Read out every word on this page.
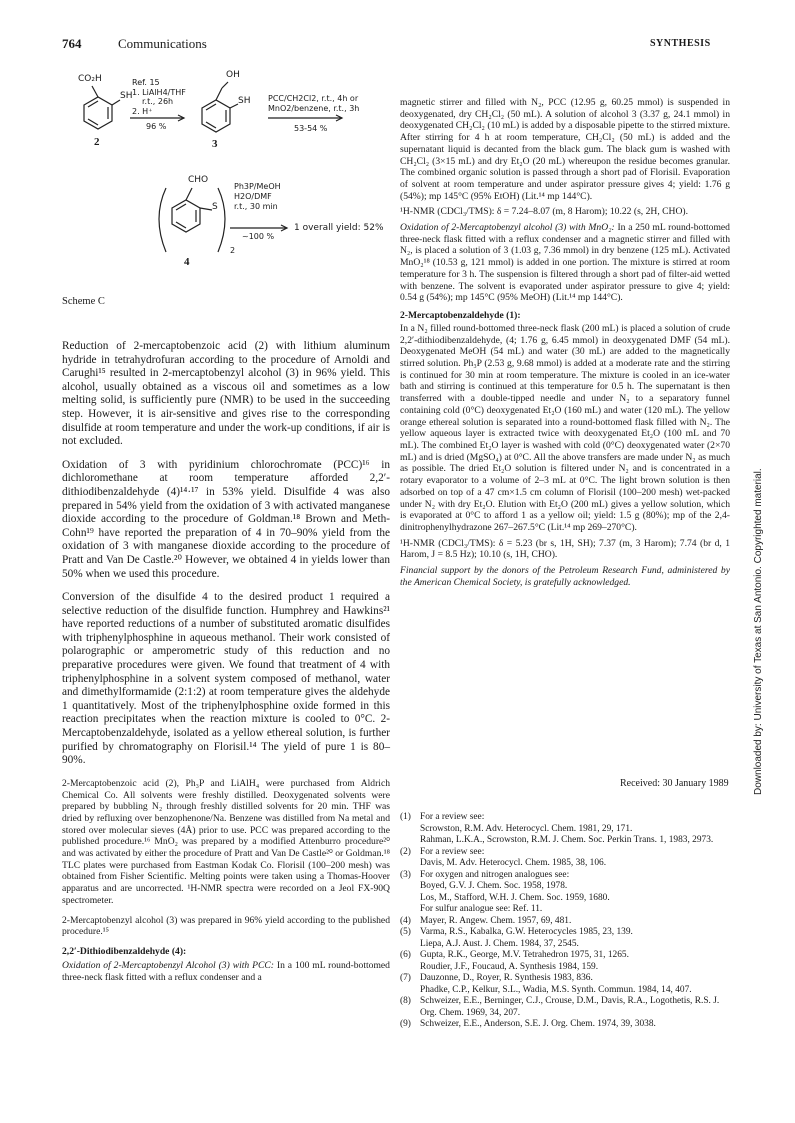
764	Communications	SYNTHESIS
CO₂H
SH
2
Ref. 15
1. LiAlH4/THF
r.t., 26h
2. H⁺
96 %
OH
SH
3
PCC/CH2Cl2, r.t., 4h or
MnO2/benzene, r.t., 3h
53-54 %
CHO
S
2
4
Ph3P/MeOH
H2O/DMF
r.t., 30 min
~100 %
1 overall yield: 52%
Scheme C

Reduction of 2-mercaptobenzoic acid (2) with lithium aluminum hydride in tetrahydrofuran according to the procedure of Arnoldi and Carughi¹⁵ resulted in 2-mercaptobenzyl alcohol (3) in 96% yield. This alcohol, usually obtained as a viscous oil and sometimes as a low melting solid, is sufficiently pure (NMR) to be used in the succeeding step. However, it is air-sensitive and gives rise to the corresponding disulfide at room temperature and under the work-up conditions, if air is not excluded.

Oxidation of 3 with pyridinium chlorochromate (PCC)¹⁶ in dichloromethane at room temperature afforded 2,2′-dithiodibenzaldehyde (4)¹⁴·¹⁷ in 53% yield. Disulfide 4 was also prepared in 54% yield from the oxidation of 3 with activated manganese dioxide according to the procedure of Goldman.¹⁸ Brown and Meth-Cohn¹⁹ have reported the preparation of 4 in 70–90% yield from the oxidation of 3 with manganese dioxide according to the procedure of Pratt and Van De Castle.²⁰ However, we obtained 4 in yields lower than 50% when we used this procedure.

Conversion of the disulfide 4 to the desired product 1 required a selective reduction of the disulfide function. Humphrey and Hawkins²¹ have reported reductions of a number of substituted aromatic disulfides with triphenylphosphine in aqueous methanol. Their work consisted of polarographic or amperometric study of this reduction and no preparative procedures were given. We found that treatment of 4 with triphenylphosphine in a solvent system composed of methanol, water and dimethylformamide (2:1:2) at room temperature gives the aldehyde 1 quantitatively. Most of the triphenylphosphine oxide formed in this reaction precipitates when the reaction mixture is cooled to 0°C. 2-Mercaptobenzaldehyde, isolated as a yellow ethereal solution, is further purified by chromatography on Florisil.¹⁴ The yield of pure 1 is 80–90%.

2-Mercaptobenzoic acid (2), Ph₃P and LiAlH₄ were purchased from Aldrich Chemical Co. All solvents were freshly distilled. Deoxygenated solvents were prepared by bubbling N₂ through freshly distilled solvents for 20 min. THF was dried by refluxing over benzophenone/Na. Benzene was distilled from Na metal and stored over molecular sieves (4Å) prior to use. PCC was prepared according to the published procedure.¹⁶ MnO₂ was prepared by a modified Attenburro procedure²⁰ and was activated by either the procedure of Pratt and Van De Castle²⁰ or Goldman.¹⁸ TLC plates were purchased from Eastman Kodak Co. Florisil (100–200 mesh) was obtained from Fisher Scientific. Melting points were taken using a Thomas-Hoover apparatus and are uncorrected. ¹H-NMR spectra were recorded on a Jeol FX-90Q spectrometer.

2-Mercaptobenzyl alcohol (3) was prepared in 96% yield according to the published procedure.¹⁵

2,2′-Dithiodibenzaldehyde (4):

Oxidation of 2-Mercaptobenzyl Alcohol (3) with PCC: In a 100 mL round-bottomed three-neck flask fitted with a reflux condenser and a

magnetic stirrer and filled with N₂, PCC (12.95 g, 60.25 mmol) is suspended in deoxygenated, dry CH₂Cl₂ (50 mL). A solution of alcohol 3 (3.37 g, 24.1 mmol) in deoxygenated CH₂Cl₂ (10 mL) is added by a disposable pipette to the stirred mixture. After stirring for 4 h at room temperature, CH₂Cl₂ (50 mL) is added and the supernatant liquid is decanted from the black gum. The black gum is washed with CH₂Cl₂ (3×15 mL) and dry Et₂O (20 mL) whereupon the residue becomes granular. The combined organic solution is passed through a short pad of Florisil. Evaporation of solvent at room temperature and under aspirator pressure gives 4; yield: 1.76 g (54%); mp 145°C (95% EtOH) (Lit.¹⁴ mp 144°C).

¹H-NMR (CDCl₃/TMS): δ = 7.24–8.07 (m, 8 Harom); 10.22 (s, 2H, CHO).

Oxidation of 2-Mercaptobenzyl alcohol (3) with MnO₂: In a 250 mL round-bottomed three-neck flask fitted with a reflux condenser and a magnetic stirrer and filled with N₂, is placed a solution of 3 (1.03 g, 7.36 mmol) in dry benzene (125 mL). Activated MnO₂¹⁸ (10.53 g, 121 mmol) is added in one portion. The mixture is stirred at room temperature for 3 h. The suspension is filtered through a short pad of filter-aid wetted with benzene. The solvent is evaporated under aspirator pressure to give 4; yield: 0.54 g (54%); mp 145°C (95% MeOH) (Lit.¹⁴ mp 144°C).

2-Mercaptobenzaldehyde (1):

In a N₂ filled round-bottomed three-neck flask (200 mL) is placed a solution of crude 2,2′-dithiodibenzaldehyde, (4; 1.76 g, 6.45 mmol) in deoxygenated DMF (54 mL). Deoxygenated MeOH (54 mL) and water (30 mL) are added to the magnetically stirred solution. Ph₃P (2.53 g, 9.68 mmol) is added at a moderate rate and the stirring is continued for 30 min at room temperature. The mixture is cooled in an ice-water bath and stirring is continued at this temperature for 0.5 h. The supernatant is then transferred with a double-tipped needle and under N₂ to a separatory funnel containing cold (0°C) deoxygenated Et₂O (160 mL) and water (120 mL). The yellow orange ethereal solution is separated into a round-bottomed flask filled with N₂. The yellow aqueous layer is extracted twice with deoxygenated Et₂O (100 mL and 70 mL). The combined Et₂O layer is washed with cold (0°C) deoxygenated water (2×70 mL) and is dried (MgSO₄) at 0°C. All the above transfers are made under N₂ as much as possible. The dried Et₂O solution is filtered under N₂ and is concentrated in a rotary evaporator to a volume of 2–3 mL at 0°C. The light brown solution is then adsorbed on top of a 47 cm×1.5 cm column of Florisil (100–200 mesh) wet-packed under N₂ with dry Et₂O. Elution with Et₂O (200 mL) gives a yellow solution, which is evaporated at 0°C to afford 1 as a yellow oil; yield: 1.5 g (80%); mp of the 2,4-dinitrophenylhydrazone 267–267.5°C (Lit.¹⁴ mp 269–270°C).

¹H-NMR (CDCl₃/TMS): δ = 5.23 (br s, 1H, SH); 7.37 (m, 3 Harom); 7.74 (br d, 1 Harom, J = 8.5 Hz); 10.10 (s, 1H, CHO).

Financial support by the donors of the Petroleum Research Fund, administered by the American Chemical Society, is gratefully acknowledged.

Received: 30 January 1989
(1) For a review see:
Scrowston, R.M. Adv. Heterocycl. Chem. 1981, 29, 171.
Rahman, L.K.A., Scrowston, R.M. J. Chem. Soc. Perkin Trans. 1, 1983, 2973.
(2) For a review see:
Davis, M. Adv. Heterocycl. Chem. 1985, 38, 106.
(3) For oxygen and nitrogen analogues see:
Boyed, G.V. J. Chem. Soc. 1958, 1978.
Los, M., Stafford, W.H. J. Chem. Soc. 1959, 1680.
For sulfur analogue see: Ref. 11.
(4) Mayer, R. Angew. Chem. 1957, 69, 481.
(5) Varma, R.S., Kabalka, G.W. Heterocycles 1985, 23, 139.
Liepa, A.J. Aust. J. Chem. 1984, 37, 2545.
(6) Gupta, R.K., George, M.V. Tetrahedron 1975, 31, 1265.
Roudier, J.F., Foucaud, A. Synthesis 1984, 159.
(7) Dauzonne, D., Royer, R. Synthesis 1983, 836.
Phadke, C.P., Kelkur, S.L., Wadia, M.S. Synth. Commun. 1984, 14, 407.
(8) Schweizer, E.E., Berninger, C.J., Crouse, D.M., Davis, R.A., Logothetis, R.S. J. Org. Chem. 1969, 34, 207.
(9) Schweizer, E.E., Anderson, S.E. J. Org. Chem. 1974, 39, 3038.
Downloaded by: University of Texas at San Antonio. Copyrighted material.
